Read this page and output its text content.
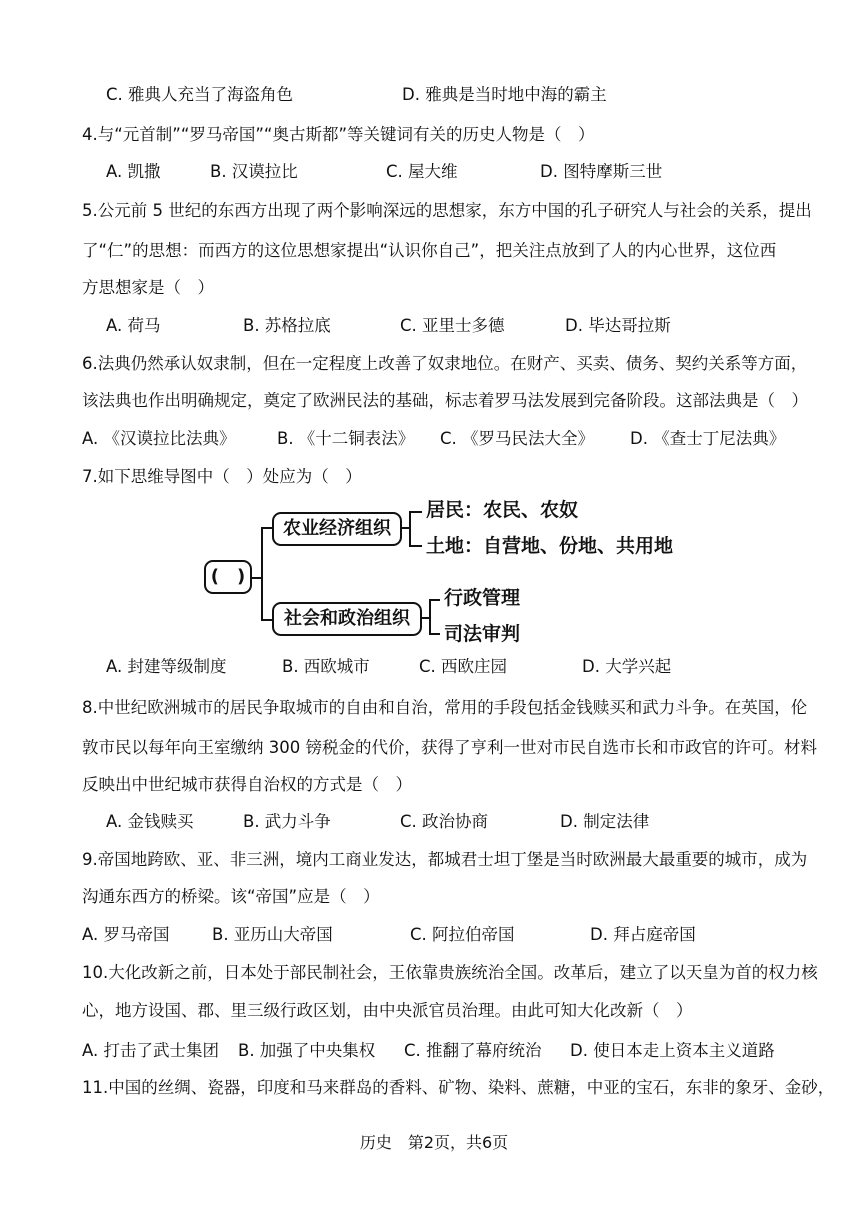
C. 雅典人充当了海盗角色	D. 雅典是当时地中海的霸主
4.与“元首制”“罗马帝国”“奥古斯都”等关键词有关的历史人物是（　）
A. 凯撒	B. 汉谟拉比	C. 屋大维	D. 图特摩斯三世
5.公元前 5 世纪的东西方出现了两个影响深远的思想家，东方中国的孔子研究人与社会的关系，提出
了“仁”的思想：而西方的这位思想家提出“认识你自己”，把关注点放到了人的内心世界，这位西
方思想家是（　）
A. 荷马	B. 苏格拉底	C. 亚里士多德	D. 毕达哥拉斯
6.法典仍然承认奴隶制，但在一定程度上改善了奴隶地位。在财产、买卖、债务、契约关系等方面，
该法典也作出明确规定，奠定了欧洲民法的基础，标志着罗马法发展到完备阶段。这部法典是（　）
A. 《汉谟拉比法典》	B. 《十二铜表法》 C. 《罗马民法大全》 D. 《查士丁尼法典》
7.如下思维导图中（　）处应为（　）
(　)
农业经济组织
社会和政治组织
居民：农民、农奴
土地：自营地、份地、共用地
行政管理
司法审判
A. 封建等级制度	B. 西欧城市	C. 西欧庄园	D. 大学兴起
8.中世纪欧洲城市的居民争取城市的自由和自治，常用的手段包括金钱赎买和武力斗争。在英国，伦
敦市民以每年向王室缴纳 300 镑税金的代价，获得了亨利一世对市民自选市长和市政官的许可。材料
反映出中世纪城市获得自治权的方式是（　）
A. 金钱赎买	B. 武力斗争	C. 政治协商	D. 制定法律
9.帝国地跨欧、亚、非三洲，境内工商业发达，都城君士坦丁堡是当时欧洲最大最重要的城市，成为
沟通东西方的桥梁。该“帝国”应是（　）
A. 罗马帝国	B. 亚历山大帝国	C. 阿拉伯帝国	D. 拜占庭帝国
10.大化改新之前，日本处于部民制社会，王依靠贵族统治全国。改革后，建立了以天皇为首的权力核
心，地方设国、郡、里三级行政区划，由中央派官员治理。由此可知大化改新（　）
A. 打击了武士集团 B. 加强了中央集权 C. 推翻了幕府统治 D. 使日本走上资本主义道路
11.中国的丝绸、瓷器，印度和马来群岛的香料、矿物、染料、蔗糖，中亚的宝石，东非的象牙、金砂，
历史　第2页，共6页
